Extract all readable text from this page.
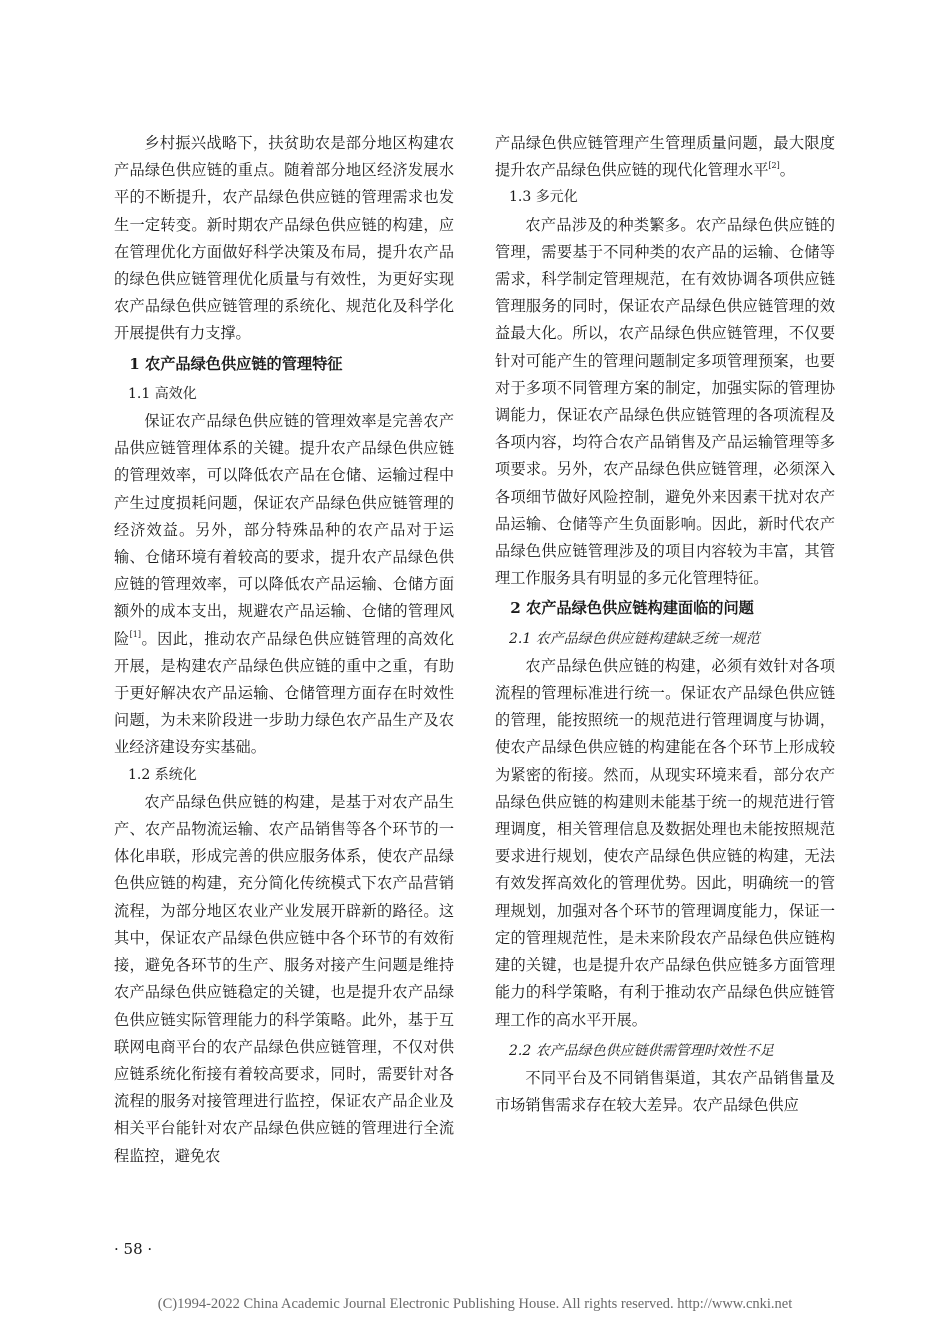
乡村振兴战略下，扶贫助农是部分地区构建农产品绿色供应链的重点。随着部分地区经济发展水平的不断提升，农产品绿色供应链的管理需求也发生一定转变。新时期农产品绿色供应链的构建，应在管理优化方面做好科学决策及布局，提升农产品的绿色供应链管理优化质量与有效性，为更好实现农产品绿色供应链管理的系统化、规范化及科学化开展提供有力支撑。

1 农产品绿色供应链的管理特征

1.1 高效化

保证农产品绿色供应链的管理效率是完善农产品供应链管理体系的关键。提升农产品绿色供应链的管理效率，可以降低农产品在仓储、运输过程中产生过度损耗问题，保证农产品绿色供应链管理的经济效益。另外，部分特殊品种的农产品对于运输、仓储环境有着较高的要求，提升农产品绿色供应链的管理效率，可以降低农产品运输、仓储方面额外的成本支出，规避农产品运输、仓储的管理风险[1]。因此，推动农产品绿色供应链管理的高效化开展，是构建农产品绿色供应链的重中之重，有助于更好解决农产品运输、仓储管理方面存在时效性问题，为未来阶段进一步助力绿色农产品生产及农业经济建设夯实基础。

1.2 系统化

农产品绿色供应链的构建，是基于对农产品生产、农产品物流运输、农产品销售等各个环节的一体化串联，形成完善的供应服务体系，使农产品绿色供应链的构建，充分简化传统模式下农产品营销流程，为部分地区农业产业发展开辟新的路径。这其中，保证农产品绿色供应链中各个环节的有效衔接，避免各环节的生产、服务对接产生问题是维持农产品绿色供应链稳定的关键，也是提升农产品绿色供应链实际管理能力的科学策略。此外，基于互联网电商平台的农产品绿色供应链管理，不仅对供应链系统化衔接有着较高要求，同时，需要针对各流程的服务对接管理进行监控，保证农产品企业及相关平台能针对农产品绿色供应链的管理进行全流程监控，避免农

产品绿色供应链管理产生管理质量问题，最大限度提升农产品绿色供应链的现代化管理水平[2]。

1.3 多元化

农产品涉及的种类繁多。农产品绿色供应链的管理，需要基于不同种类的农产品的运输、仓储等需求，科学制定管理规范，在有效协调各项供应链管理服务的同时，保证农产品绿色供应链管理的效益最大化。所以，农产品绿色供应链管理，不仅要针对可能产生的管理问题制定多项管理预案，也要对于多项不同管理方案的制定，加强实际的管理协调能力，保证农产品绿色供应链管理的各项流程及各项内容，均符合农产品销售及产品运输管理等多项要求。另外，农产品绿色供应链管理，必须深入各项细节做好风险控制，避免外来因素干扰对农产品运输、仓储等产生负面影响。因此，新时代农产品绿色供应链管理涉及的项目内容较为丰富，其管理工作服务具有明显的多元化管理特征。

2 农产品绿色供应链构建面临的问题

2.1 农产品绿色供应链构建缺乏统一规范

农产品绿色供应链的构建，必须有效针对各项流程的管理标准进行统一。保证农产品绿色供应链的管理，能按照统一的规范进行管理调度与协调，使农产品绿色供应链的构建能在各个环节上形成较为紧密的衔接。然而，从现实环境来看，部分农产品绿色供应链的构建则未能基于统一的规范进行管理调度，相关管理信息及数据处理也未能按照规范要求进行规划，使农产品绿色供应链的构建，无法有效发挥高效化的管理优势。因此，明确统一的管理规划，加强对各个环节的管理调度能力，保证一定的管理规范性，是未来阶段农产品绿色供应链构建的关键，也是提升农产品绿色供应链多方面管理能力的科学策略，有利于推动农产品绿色供应链管理工作的高水平开展。

2.2 农产品绿色供应链供需管理时效性不足

不同平台及不同销售渠道，其农产品销售量及市场销售需求存在较大差异。农产品绿色供应

· 58 ·
(C)1994-2022 China Academic Journal Electronic Publishing House. All rights reserved. http://www.cnki.net
